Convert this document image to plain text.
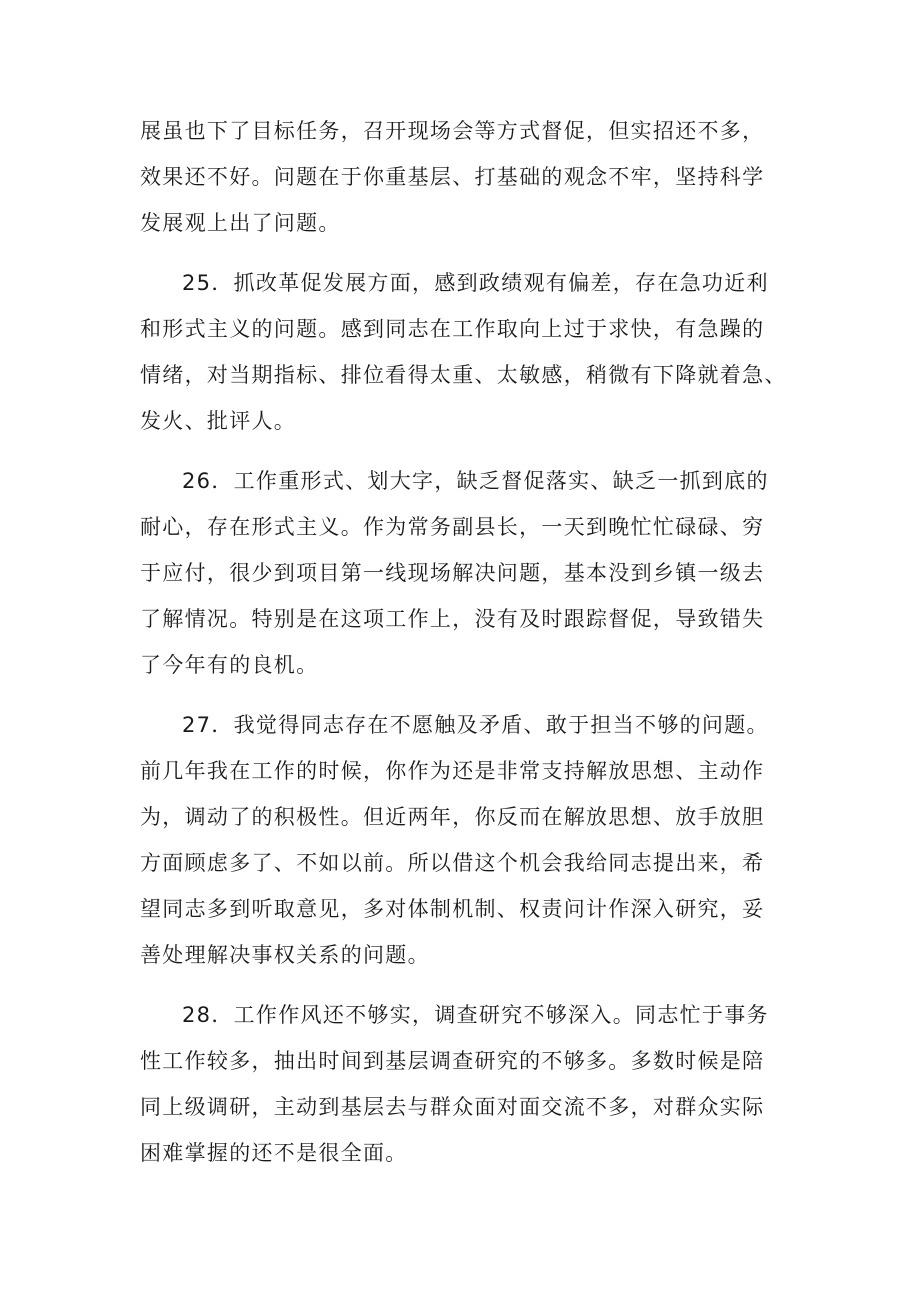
展虽也下了目标任务，召开现场会等方式督促，但实招还不多，
效果还不好。问题在于你重基层、打基础的观念不牢，坚持科学
发展观上出了问题。
25．抓改革促发展方面，感到政绩观有偏差，存在急功近利
和形式主义的问题。感到同志在工作取向上过于求快，有急躁的
情绪，对当期指标、排位看得太重、太敏感，稍微有下降就着急、
发火、批评人。
26．工作重形式、划大字，缺乏督促落实、缺乏一抓到底的
耐心，存在形式主义。作为常务副县长，一天到晚忙忙碌碌、穷
于应付，很少到项目第一线现场解决问题，基本没到乡镇一级去
了解情况。特别是在这项工作上，没有及时跟踪督促，导致错失
了今年有的良机。
27．我觉得同志存在不愿触及矛盾、敢于担当不够的问题。
前几年我在工作的时候，你作为还是非常支持解放思想、主动作
为，调动了的积极性。但近两年，你反而在解放思想、放手放胆
方面顾虑多了、不如以前。所以借这个机会我给同志提出来，希
望同志多到听取意见，多对体制机制、权责问计作深入研究，妥
善处理解决事权关系的问题。
28．工作作风还不够实，调查研究不够深入。同志忙于事务
性工作较多，抽出时间到基层调查研究的不够多。多数时候是陪
同上级调研，主动到基层去与群众面对面交流不多，对群众实际
困难掌握的还不是很全面。
